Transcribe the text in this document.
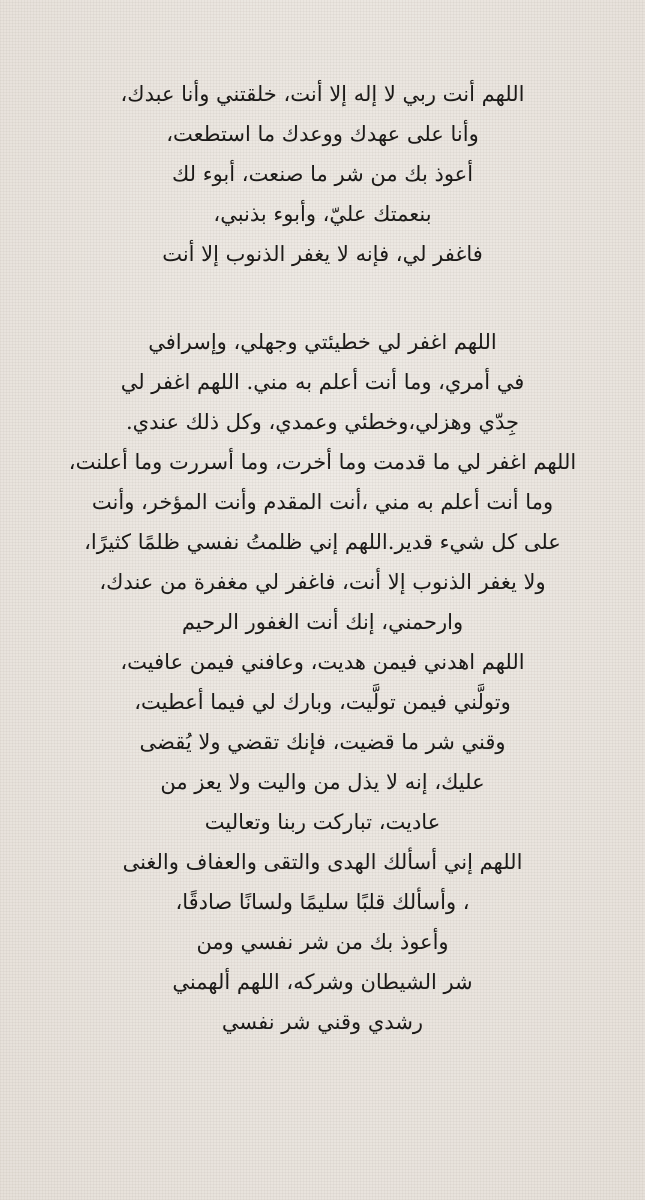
اللهم أنت ربي لا إله إلا أنت، خلقتني وأنا عبدك،
وأنا على عهدك ووعدك ما استطعت،
أعوذ بك من شر ما صنعت، أبوء لك
بنعمتك عليّ، وأبوء بذنبي،
فاغفر لي، فإنه لا يغفر الذنوب إلا أنت
اللهم اغفر لي خطيئتي وجهلي، وإسرافي
في أمري، وما أنت أعلم به مني. اللهم اغفر لي
جِدّي وهزلي،وخطئي وعمدي، وكل ذلك عندي.
اللهم اغفر لي ما قدمت وما أخرت، وما أسررت وما أعلنت،
وما أنت أعلم به مني ،أنت المقدم وأنت المؤخر، وأنت
على كل شيء قدير.اللهم إني ظلمتُ نفسي ظلمًا كثيرًا،
ولا يغفر الذنوب إلا أنت، فاغفر لي مغفرة من عندك،
وارحمني، إنك أنت الغفور الرحيم
اللهم اهدني فيمن هديت، وعافني فيمن عافيت،
وتولَّني فيمن تولَّيت، وبارك لي فيما أعطيت،
وقني شر ما قضيت، فإنك تقضي ولا يُقضى
عليك، إنه لا يذل من واليت ولا يعز من
عاديت، تباركت ربنا وتعاليت
اللهم إني أسألك الهدى والتقى والعفاف والغنى
، وأسألك قلبًا سليمًا ولسانًا صادقًا،
وأعوذ بك من شر نفسي ومن
شر الشيطان وشركه، اللهم ألهمني
رشدي وقني شر نفسي
